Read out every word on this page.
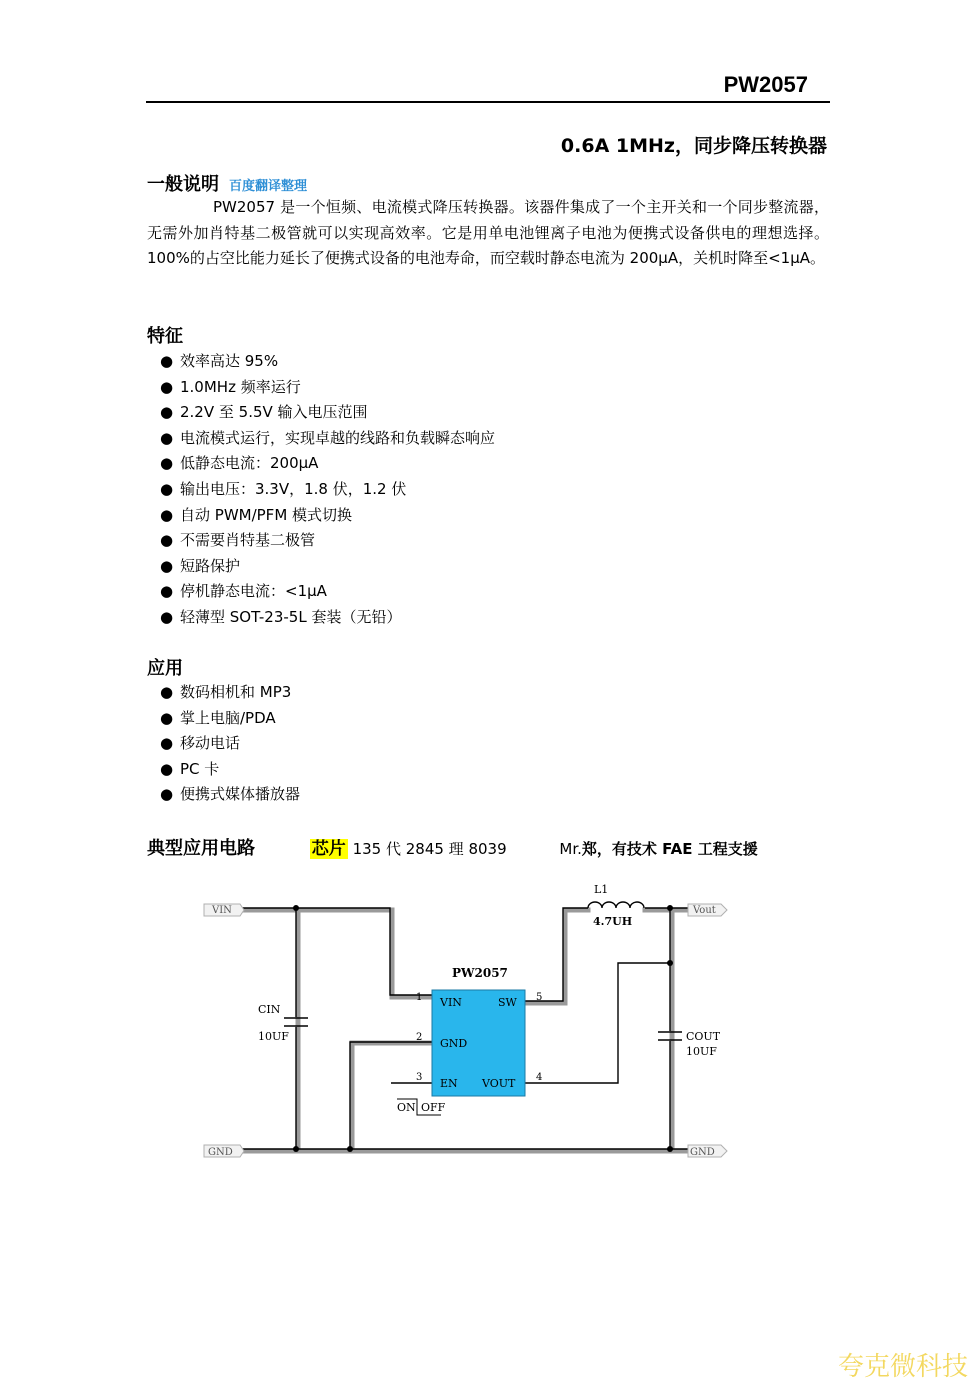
PW2057
0.6A 1MHz，同步降压转换器
一般说明 百度翻译整理
PW2057 是一个恒频、电流模式降压转换器。该器件集成了一个主开关和一个同步整流器，无需外加肖特基二极管就可以实现高效率。它是用单电池锂离子电池为便携式设备供电的理想选择。100%的占空比能力延长了便携式设备的电池寿命，而空载时静态电流为 200μA，关机时降至<1μA。
特征
● 效率高达 95%
● 1.0MHz 频率运行
● 2.2V 至 5.5V 输入电压范围
● 电流模式运行，实现卓越的线路和负载瞬态响应
● 低静态电流：200μA
● 输出电压：3.3V，1.8 伏，1.2 伏
● 自动 PWM/PFM 模式切换
● 不需要肖特基二极管
● 短路保护
● 停机静态电流：<1μA
● 轻薄型 SOT-23-5L 套装（无铅）
应用
● 数码相机和 MP3
● 掌上电脑/PDA
● 移动电话
● PC 卡
● 便携式媒体播放器
典型应用电路	芯片 135 代 2845 理 8039	Mr.郑，有技术 FAE 工程支援
VIN	Vout
GND	GND
PW2057
VIN	SW
GND
EN VOUT
1
2
3	4
5
CIN
10UF	COUT
10UF
L1
4.7UH
ON OFF
夸克微科技
